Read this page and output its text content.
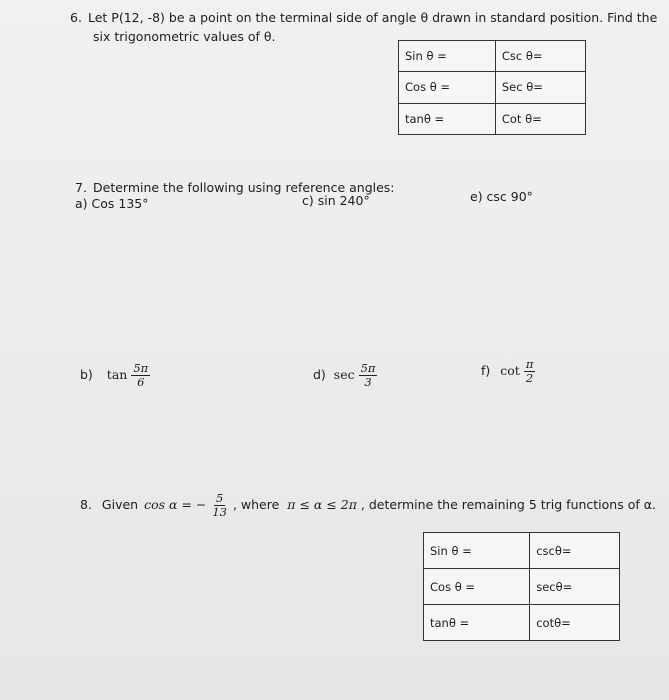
6. Let P(12, -8) be a point on the terminal side of angle θ drawn in standard position. Find the
six trigonometric values of θ.
Sin θ =	Csc θ=
Cos θ =	Sec θ=
tanθ =	Cot θ=
7. Determine the following using reference angles:
a) Cos 135°	c) sin 240°	e) csc 90°
b) $\tan \frac{5\pi}{6}$	d) $\sec \frac{5\pi}{3}$	f) $\cot \frac{\pi}{2}$
8. Given cos α = − $\frac{5}{13}$ , where π ≤ α ≤ 2π , determine the remaining 5 trig functions of α.
Sin θ =	cscθ=
Cos θ =	secθ=
tanθ =	cotθ=
